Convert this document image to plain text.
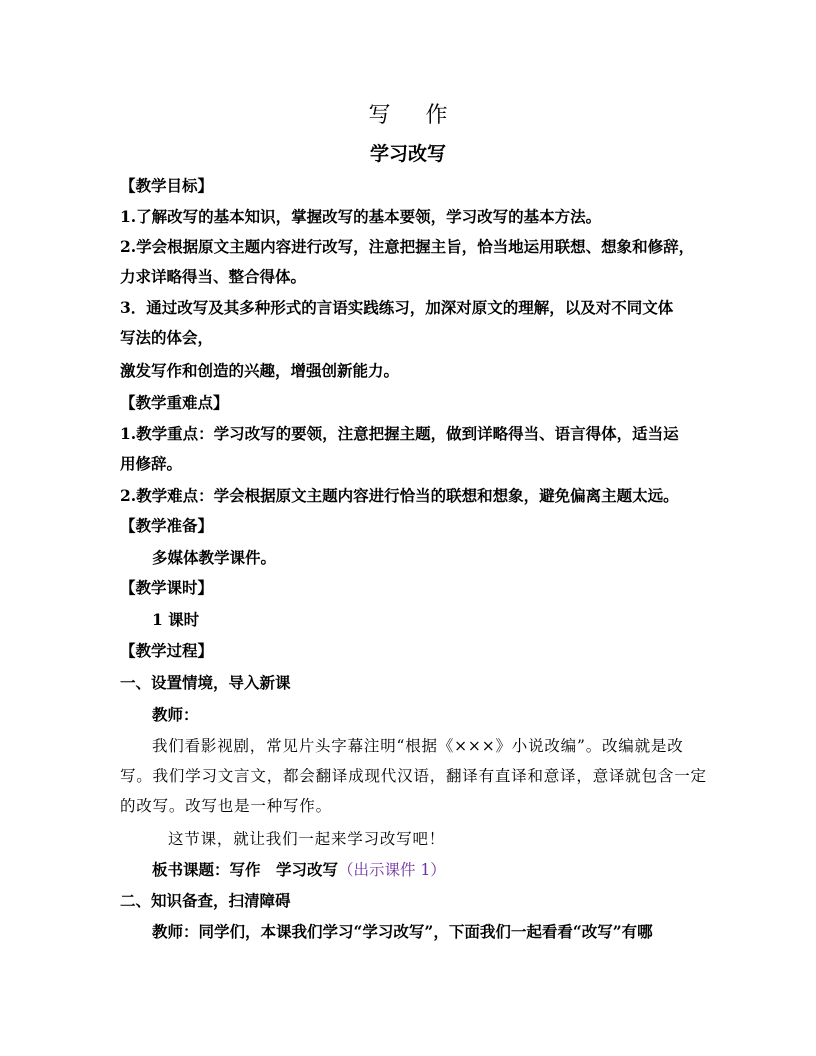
写 作
学习改写
【教学目标】
1.了解改写的基本知识，掌握改写的基本要领，学习改写的基本方法。
2.学会根据原文主题内容进行改写，注意把握主旨，恰当地运用联想、想象和修辞，
力求详略得当、整合得体。
3．通过改写及其多种形式的言语实践练习，加深对原文的理解，以及对不同文体
写法的体会，
激发写作和创造的兴趣，增强创新能力。
【教学重难点】
1.教学重点：学习改写的要领，注意把握主题，做到详略得当、语言得体，适当运
用修辞。
2.教学难点：学会根据原文主题内容进行恰当的联想和想象，避免偏离主题太远。
【教学准备】
多媒体教学课件。
【教学课时】
1 课时
【教学过程】
一、设置情境，导入新课
教师：
我们看影视剧，常见片头字幕注明“根据《×××》小说改编”。改编就是改
写。我们学习文言文，都会翻译成现代汉语，翻译有直译和意译，意译就包含一定
的改写。改写也是一种写作。
这节课，就让我们一起来学习改写吧！
板书课题：写作　学习改写（出示课件 1）
二、知识备查，扫清障碍
教师：同学们，本课我们学习“学习改写”，下面我们一起看看“改写”有哪
